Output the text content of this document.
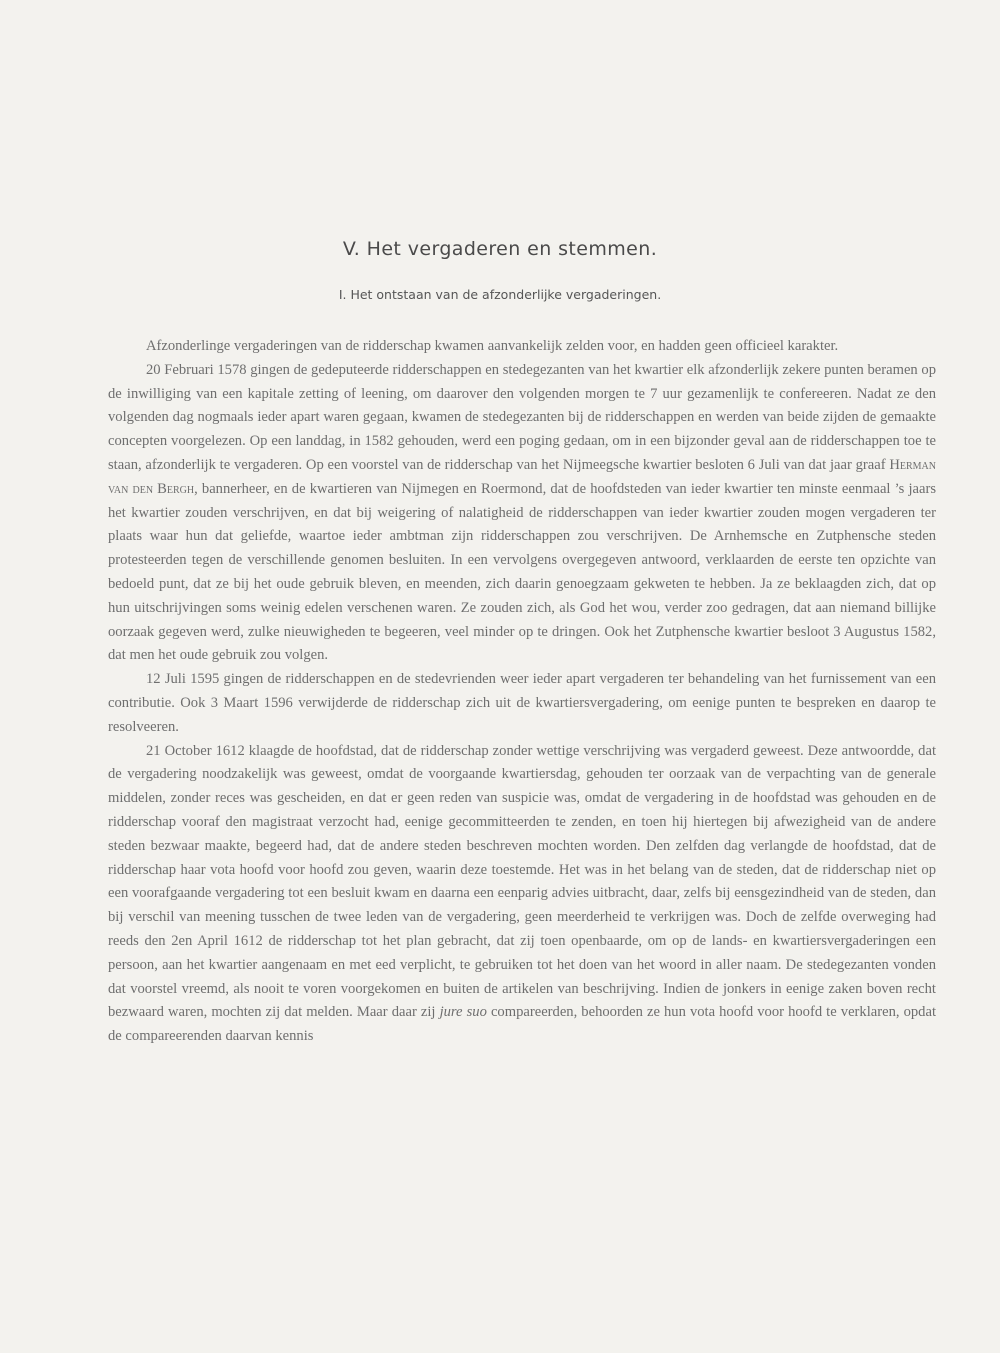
V. Het vergaderen en stemmen.
I. Het ontstaan van de afzonderlijke vergaderingen.

Afzonderlinge vergaderingen van de ridderschap kwamen aanvankelijk zelden voor, en hadden geen officieel karakter.

20 Februari 1578 gingen de gedeputeerde ridderschappen en stedegezanten van het kwartier elk afzonderlijk zekere punten beramen op de inwilliging van een kapitale zetting of leening, om daarover den volgenden morgen te 7 uur gezamenlijk te confereeren. Nadat ze den volgenden dag nogmaals ieder apart waren gegaan, kwamen de stedegezanten bij de ridderschappen en werden van beide zijden de gemaakte concepten voorgelezen. Op een landdag, in 1582 gehouden, werd een poging gedaan, om in een bijzonder geval aan de ridderschappen toe te staan, afzonderlijk te vergaderen. Op een voorstel van de ridderschap van het Nijmeegsche kwartier besloten 6 Juli van dat jaar graaf Herman van den Bergh, bannerheer, en de kwartieren van Nijmegen en Roermond, dat de hoofdsteden van ieder kwartier ten minste eenmaal ’s jaars het kwartier zouden verschrijven, en dat bij weigering of nalatigheid de ridderschappen van ieder kwartier zouden mogen vergaderen ter plaats waar hun dat geliefde, waartoe ieder ambtman zijn ridderschappen zou verschrijven. De Arnhemsche en Zutphensche steden protesteerden tegen de verschillende genomen besluiten. In een vervolgens overgegeven antwoord, verklaarden de eerste ten opzichte van bedoeld punt, dat ze bij het oude gebruik bleven, en meenden, zich daarin genoegzaam gekweten te hebben. Ja ze beklaagden zich, dat op hun uitschrijvingen soms weinig edelen verschenen waren. Ze zouden zich, als God het wou, verder zoo gedragen, dat aan niemand billijke oorzaak gegeven werd, zulke nieuwigheden te begeeren, veel minder op te dringen. Ook het Zutphensche kwartier besloot 3 Augustus 1582, dat men het oude gebruik zou volgen.

12 Juli 1595 gingen de ridderschappen en de stedevrienden weer ieder apart vergaderen ter behandeling van het furnissement van een contributie. Ook 3 Maart 1596 verwijderde de ridderschap zich uit de kwartiersvergadering, om eenige punten te bespreken en daarop te resolveeren.

21 October 1612 klaagde de hoofdstad, dat de ridderschap zonder wettige verschrijving was vergaderd geweest. Deze antwoordde, dat de vergadering noodzakelijk was geweest, omdat de voorgaande kwartiersdag, gehouden ter oorzaak van de verpachting van de generale middelen, zonder reces was gescheiden, en dat er geen reden van suspicie was, omdat de vergadering in de hoofdstad was gehouden en de ridderschap vooraf den magistraat verzocht had, eenige gecommitteerden te zenden, en toen hij hiertegen bij afwezigheid van de andere steden bezwaar maakte, begeerd had, dat de andere steden beschreven mochten worden. Den zelfden dag verlangde de hoofdstad, dat de ridderschap haar vota hoofd voor hoofd zou geven, waarin deze toestemde. Het was in het belang van de steden, dat de ridderschap niet op een voorafgaande vergadering tot een besluit kwam en daarna een eenparig advies uitbracht, daar, zelfs bij eensgezindheid van de steden, dan bij verschil van meening tusschen de twee leden van de vergadering, geen meerderheid te verkrijgen was. Doch de zelfde overweging had reeds den 2en April 1612 de ridderschap tot het plan gebracht, dat zij toen openbaarde, om op de lands- en kwartiersvergaderingen een persoon, aan het kwartier aangenaam en met eed verplicht, te gebruiken tot het doen van het woord in aller naam. De stedegezanten vonden dat voorstel vreemd, als nooit te voren voorgekomen en buiten de artikelen van beschrijving. Indien de jonkers in eenige zaken boven recht bezwaard waren, mochten zij dat melden. Maar daar zij jure suo compareerden, behoorden ze hun vota hoofd voor hoofd te verklaren, opdat de compareerenden daarvan kennis
